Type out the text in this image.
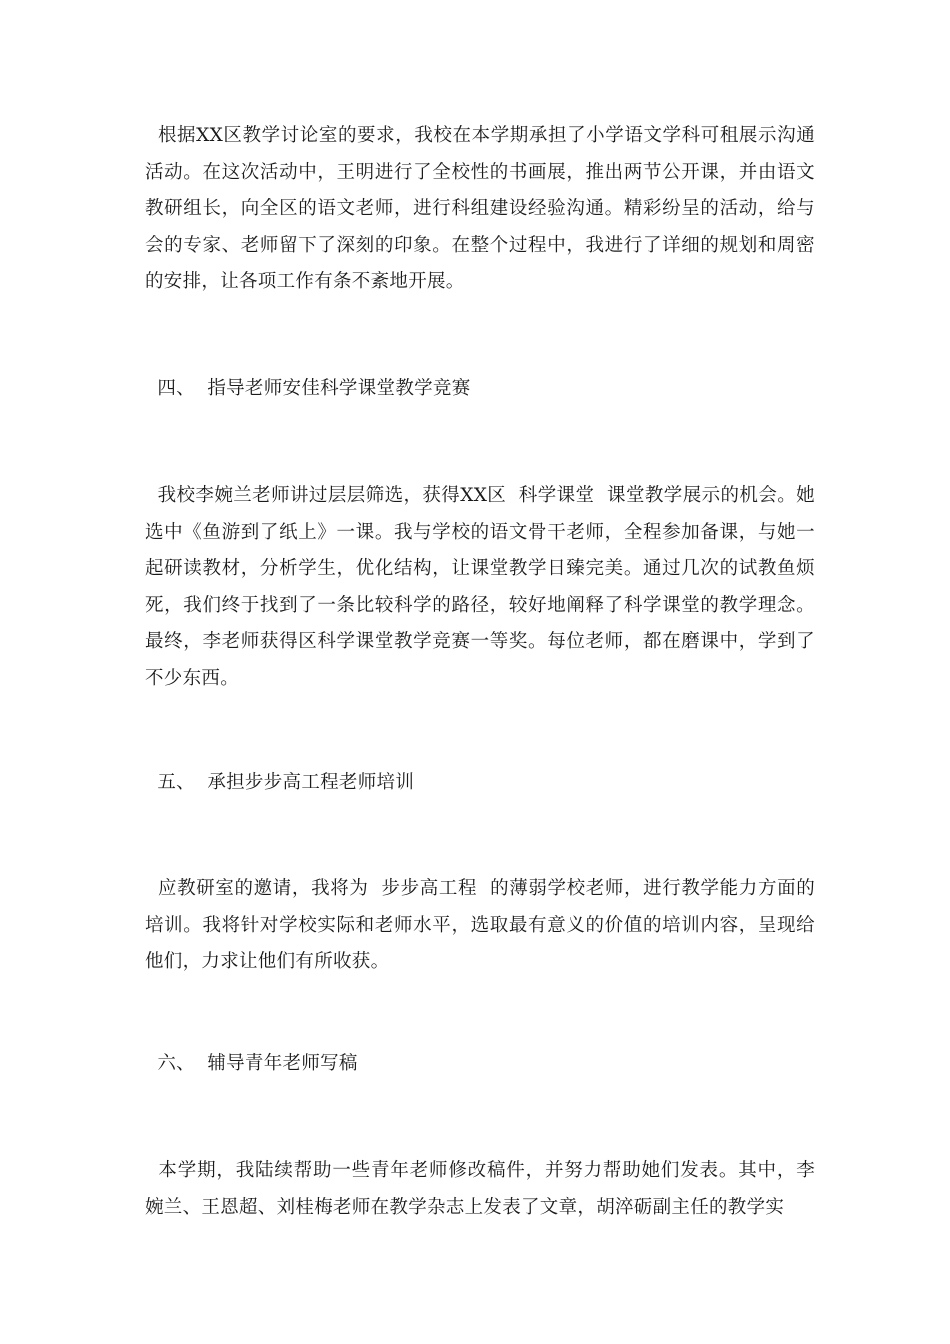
根据XX区教学讨论室的要求，我校在本学期承担了小学语文学科可租展示沟通活动。在这次活动中，王明进行了全校性的书画展，推出两节公开课，并由语文教研组长，向全区的语文老师，进行科组建设经验沟通。精彩纷呈的活动，给与会的专家、老师留下了深刻的印象。在整个过程中，我进行了详细的规划和周密的安排，让各项工作有条不紊地开展。

四、  指导老师安佳科学课堂教学竞赛

我校李婉兰老师讲过层层筛选，获得XX区  科学课堂  课堂教学展示的机会。她选中《鱼游到了纸上》一课。我与学校的语文骨干老师，全程参加备课，与她一起研读教材，分析学生，优化结构，让课堂教学日臻完美。通过几次的试教鱼烦死，我们终于找到了一条比较科学的路径，较好地阐释了科学课堂的教学理念。最终，李老师获得区科学课堂教学竞赛一等奖。每位老师，都在磨课中，学到了不少东西。

五、  承担步步高工程老师培训

应教研室的邀请，我将为  步步高工程  的薄弱学校老师，进行教学能力方面的培训。我将针对学校实际和老师水平，选取最有意义的价值的培训内容，呈现给他们，力求让他们有所收获。

六、  辅导青年老师写稿

本学期，我陆续帮助一些青年老师修改稿件，并努力帮助她们发表。其中，李婉兰、王恩超、刘桂梅老师在教学杂志上发表了文章，胡淬砺副主任的教学实
